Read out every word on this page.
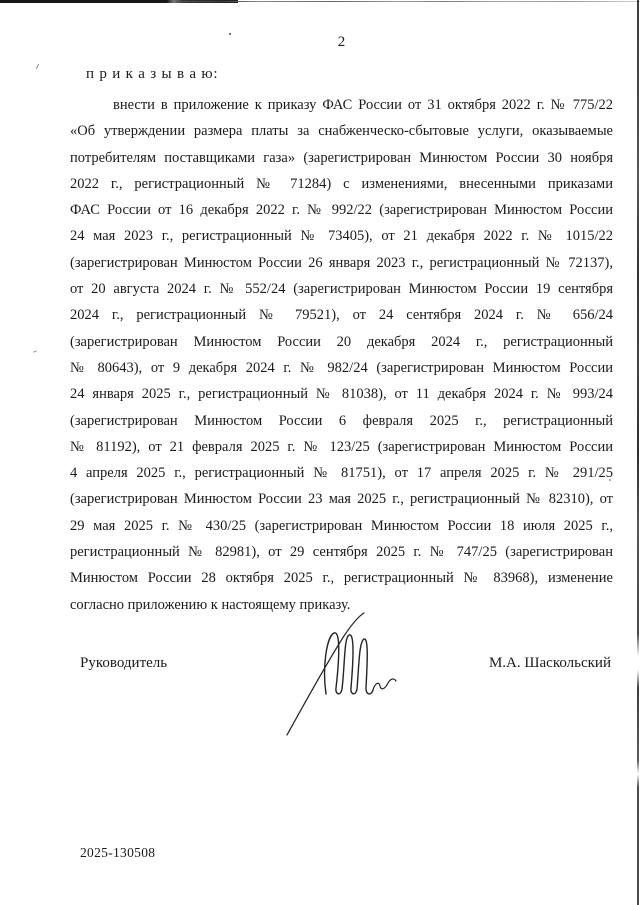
2
п р и к а з ы в а ю:
внести в приложение к приказу ФАС России от 31 октября 2022 г. № 775/22
«Об утверждении размера платы за снабженческо-сбытовые услуги, оказываемые
потребителям поставщиками газа» (зарегистрирован Минюстом России 30 ноября
2022 г., регистрационный № 71284) с изменениями, внесенными приказами
ФАС России от 16 декабря 2022 г. № 992/22 (зарегистрирован Минюстом России
24 мая 2023 г., регистрационный № 73405), от 21 декабря 2022 г. № 1015/22
(зарегистрирован Минюстом России 26 января 2023 г., регистрационный № 72137),
от 20 августа 2024 г. № 552/24 (зарегистрирован Минюстом России 19 сентября
2024 г., регистрационный № 79521), от 24 сентября 2024 г. № 656/24
(зарегистрирован Минюстом России 20 декабря 2024 г., регистрационный
№ 80643), от 9 декабря 2024 г. № 982/24 (зарегистрирован Минюстом России
24 января 2025 г., регистрационный № 81038), от 11 декабря 2024 г. № 993/24
(зарегистрирован Минюстом России 6 февраля 2025 г., регистрационный
№ 81192), от 21 февраля 2025 г. № 123/25 (зарегистрирован Минюстом России
4 апреля 2025 г., регистрационный № 81751), от 17 апреля 2025 г. № 291/25
(зарегистрирован Минюстом России 23 мая 2025 г., регистрационный № 82310), от
29 мая 2025 г. № 430/25 (зарегистрирован Минюстом России 18 июля 2025 г.,
регистрационный № 82981), от 29 сентября 2025 г. № 747/25 (зарегистрирован
Минюстом России 28 октября 2025 г., регистрационный № 83968), изменение
согласно приложению к настоящему приказу.
Руководитель	М.А. Шаскольский
2025-130508
